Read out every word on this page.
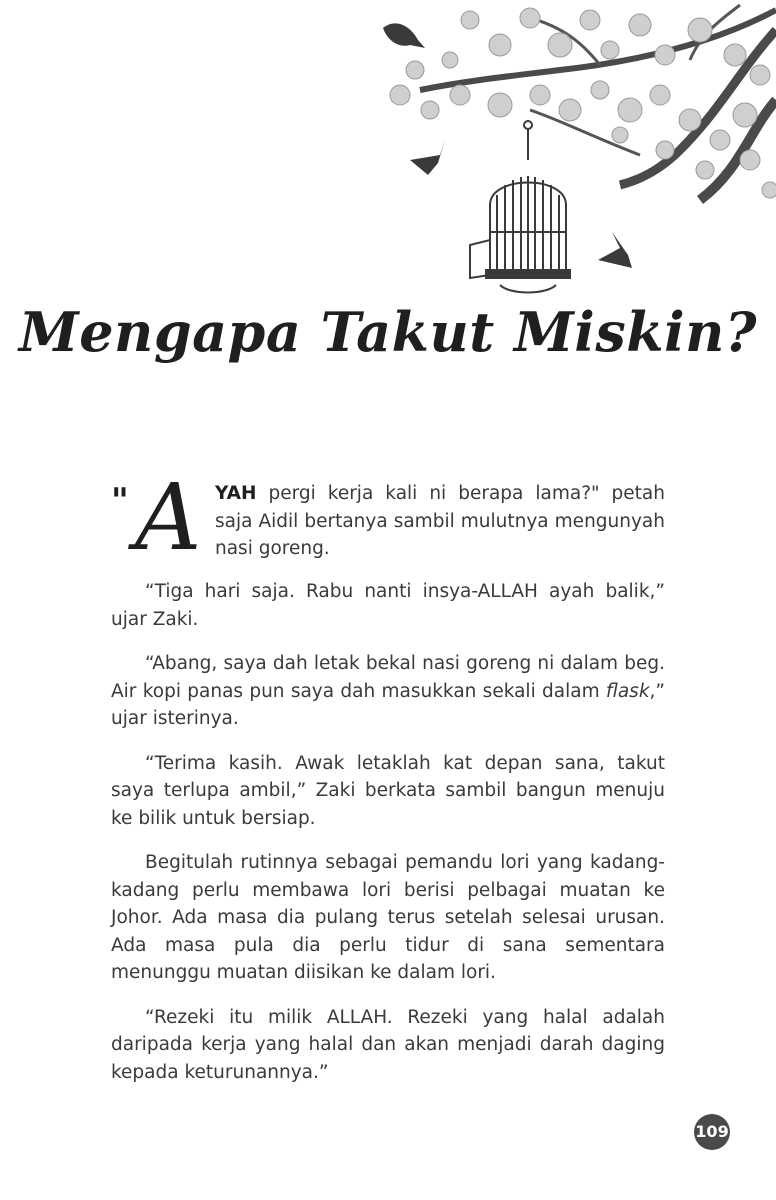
Mengapa Takut Miskin?
" A YAH pergi kerja kali ni berapa lama?" petah saja Aidil bertanya sambil mulutnya mengunyah nasi goreng.

“Tiga hari saja. Rabu nanti insya-ALLAH ayah balik,” ujar Zaki.

“Abang, saya dah letak bekal nasi goreng ni dalam beg. Air kopi panas pun saya dah masukkan sekali dalam flask,” ujar isterinya.

“Terima kasih. Awak letaklah kat depan sana, takut saya terlupa ambil,” Zaki berkata sambil bangun menuju ke bilik untuk bersiap.

Begitulah rutinnya sebagai pemandu lori yang kadang-kadang perlu membawa lori berisi pelbagai muatan ke Johor. Ada masa dia pulang terus setelah selesai urusan. Ada masa pula dia perlu tidur di sana sementara menunggu muatan diisikan ke dalam lori.

“Rezeki itu milik ALLAH. Rezeki yang halal adalah daripada kerja yang halal dan akan menjadi darah daging kepada keturunannya.”

109
